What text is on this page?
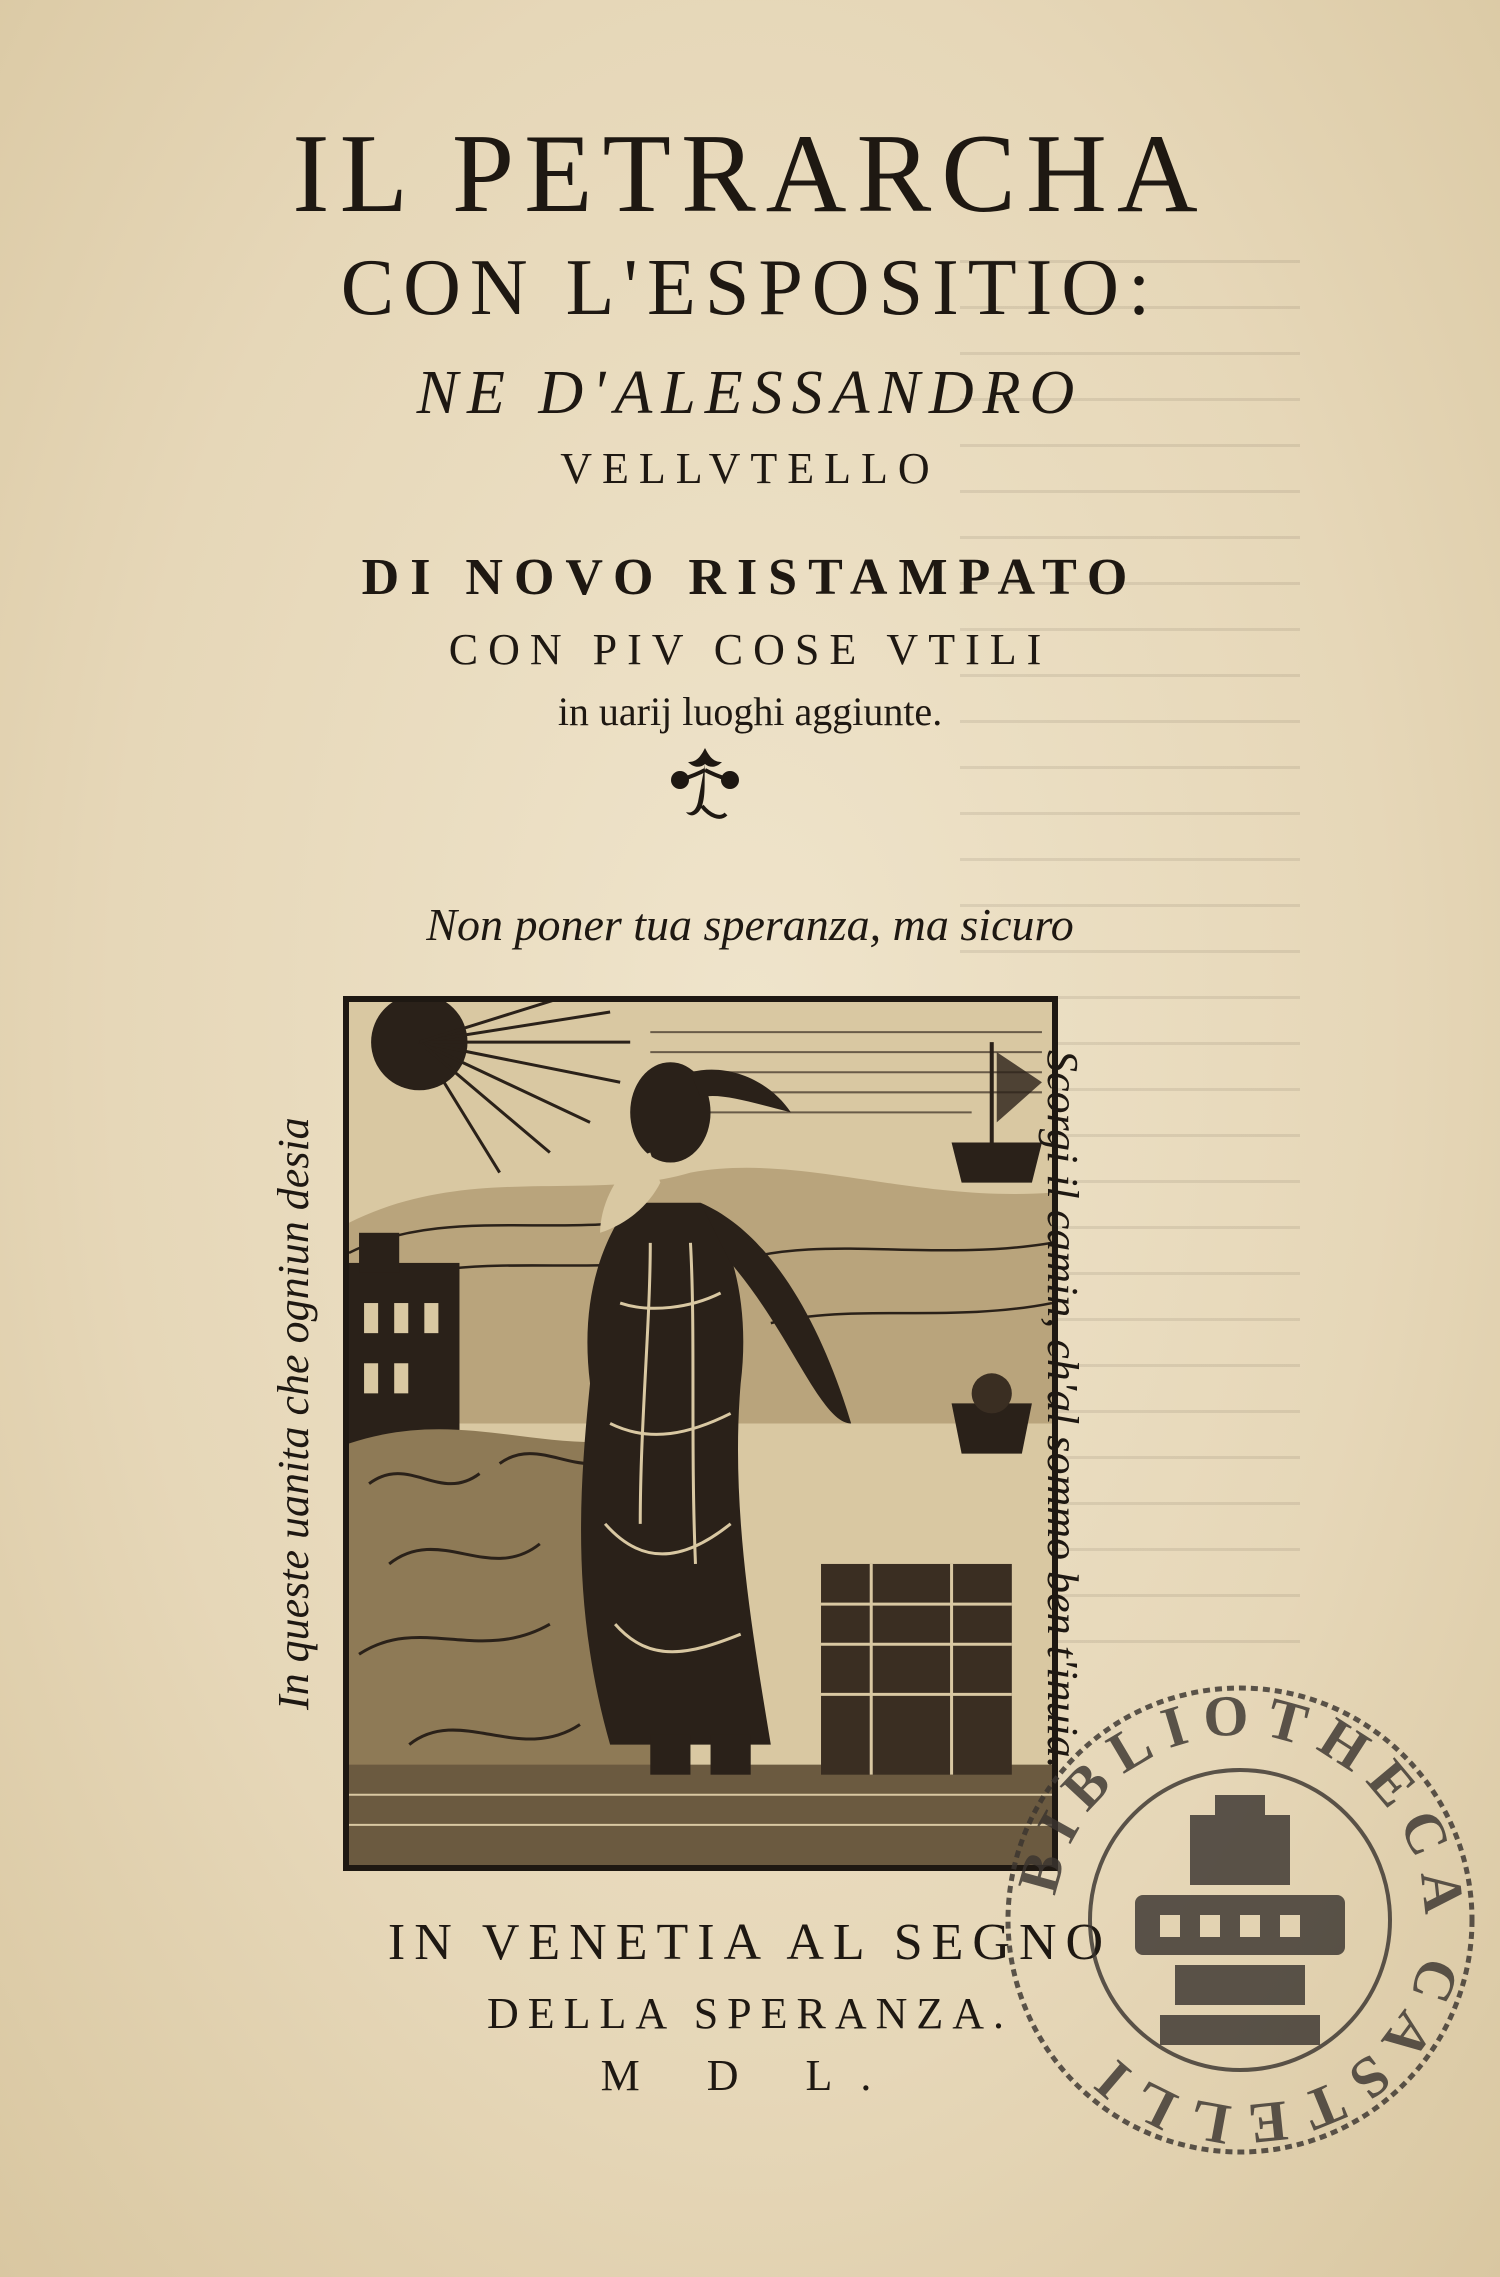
IL PETRARCHA
CON L'ESPOSITIO:
NE D'ALESSANDRO
VELLVTELLO
DI NOVO RISTAMPATO
CON PIV COSE VTILI
in uarij luoghi aggiunte.
Non poner tua speranza, ma sicuro
In queste uanita che ogniun desia	Scorgi il camin, ch'al sommo ben t'inuia.
IN VENETIA AL SEGNO
DELLA SPERANZA.
M D L.
BIBLIOTHECA CASTELLI
